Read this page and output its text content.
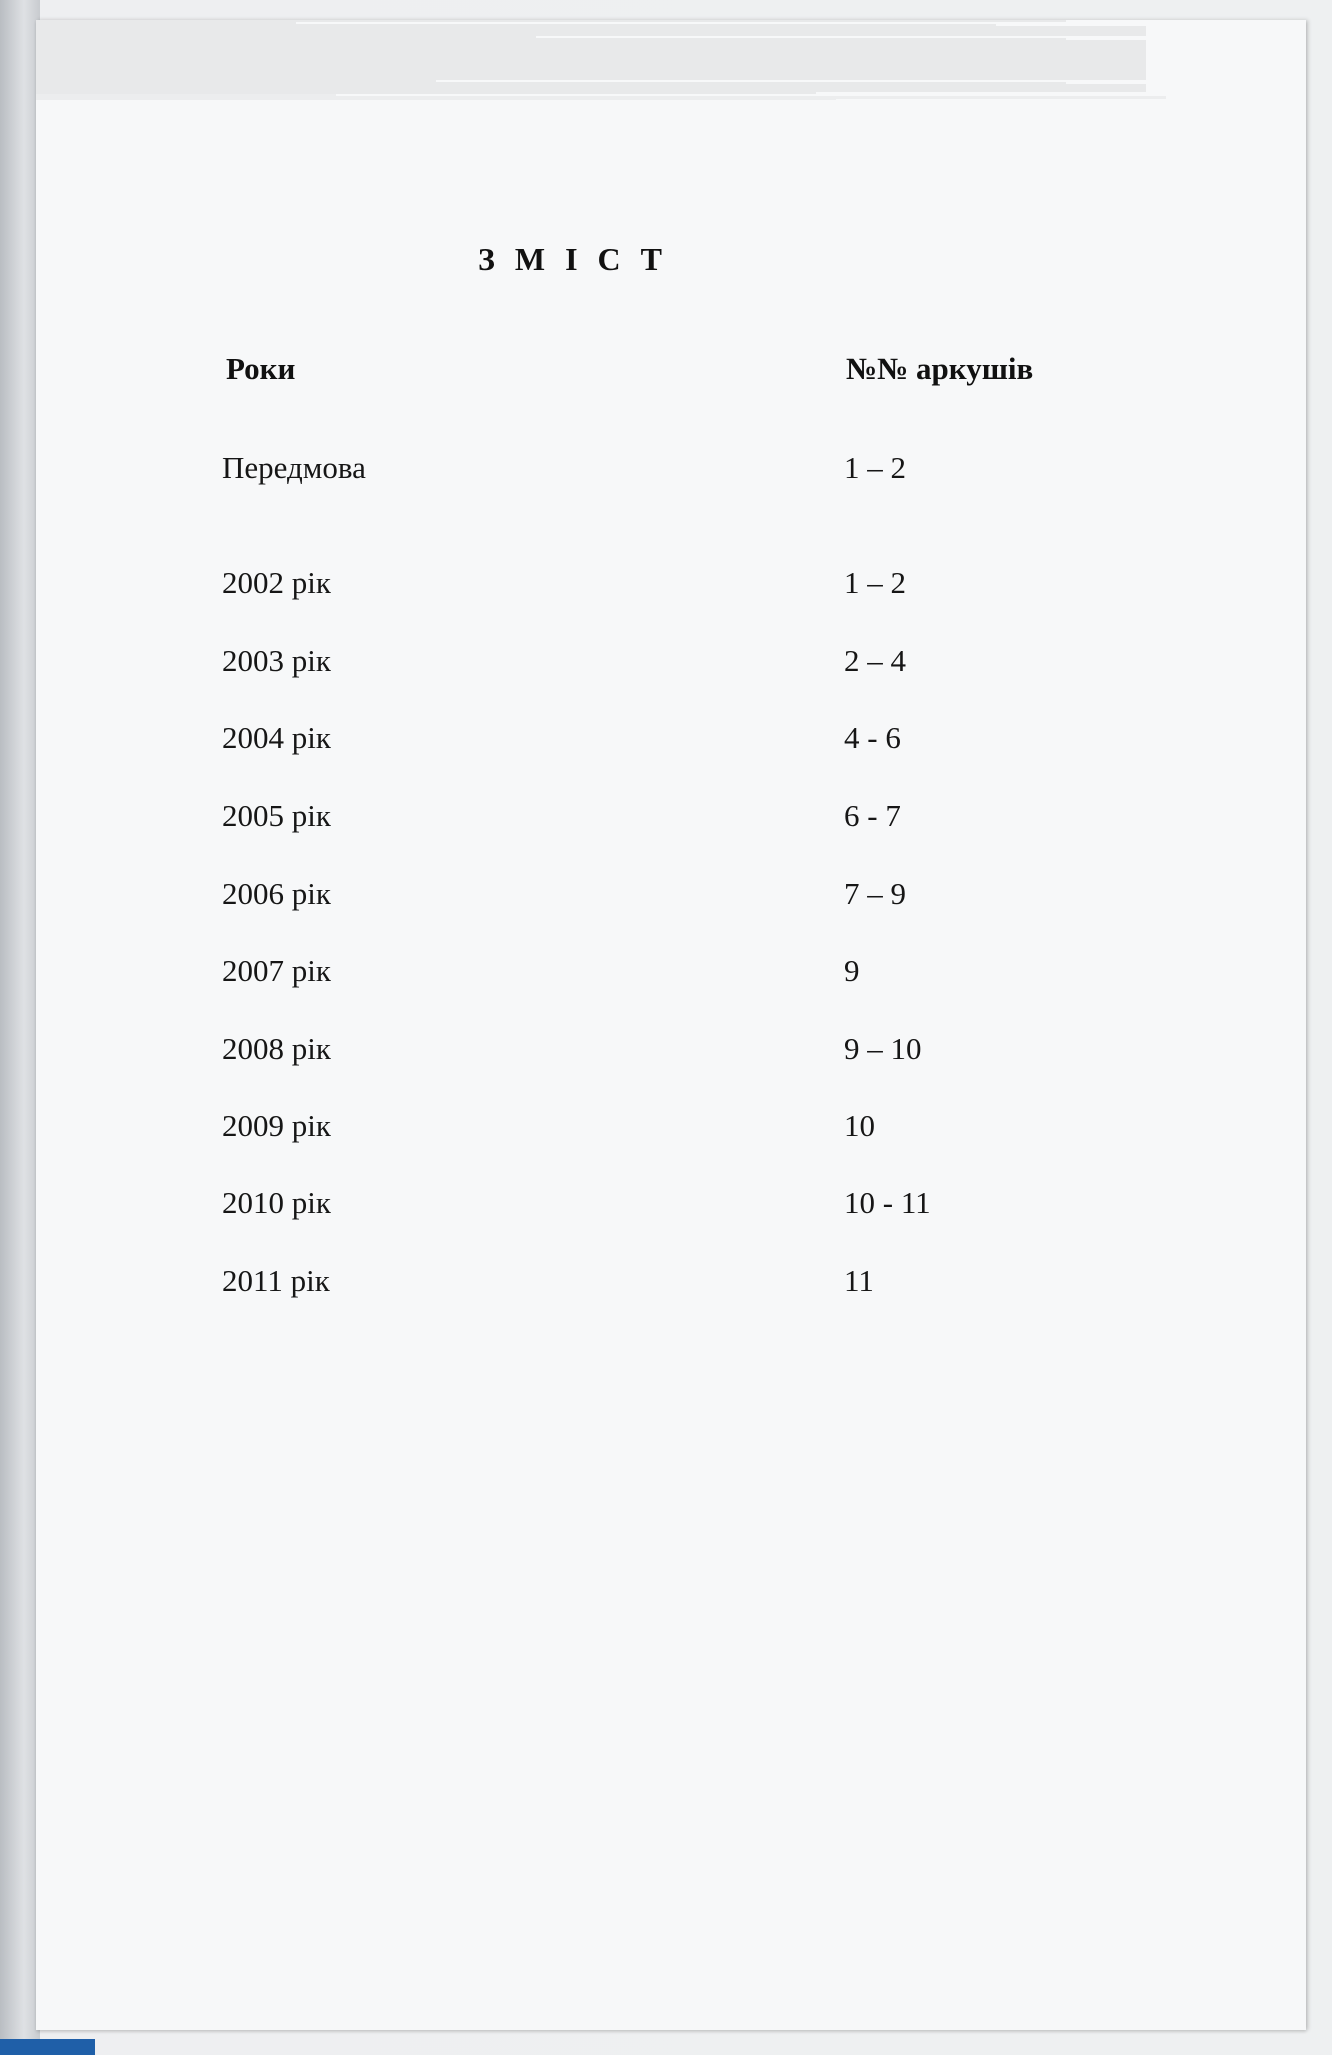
З М І С Т
Роки	№№ аркушів
Передмова	1 – 2
2002 рік	1 – 2
2003 рік	2 – 4
2004 рік	4 - 6
2005 рік	6 - 7
2006 рік	7 – 9
2007 рік	9
2008 рік	9 – 10
2009 рік	10
2010 рік	10 - 11
2011 рік	11
